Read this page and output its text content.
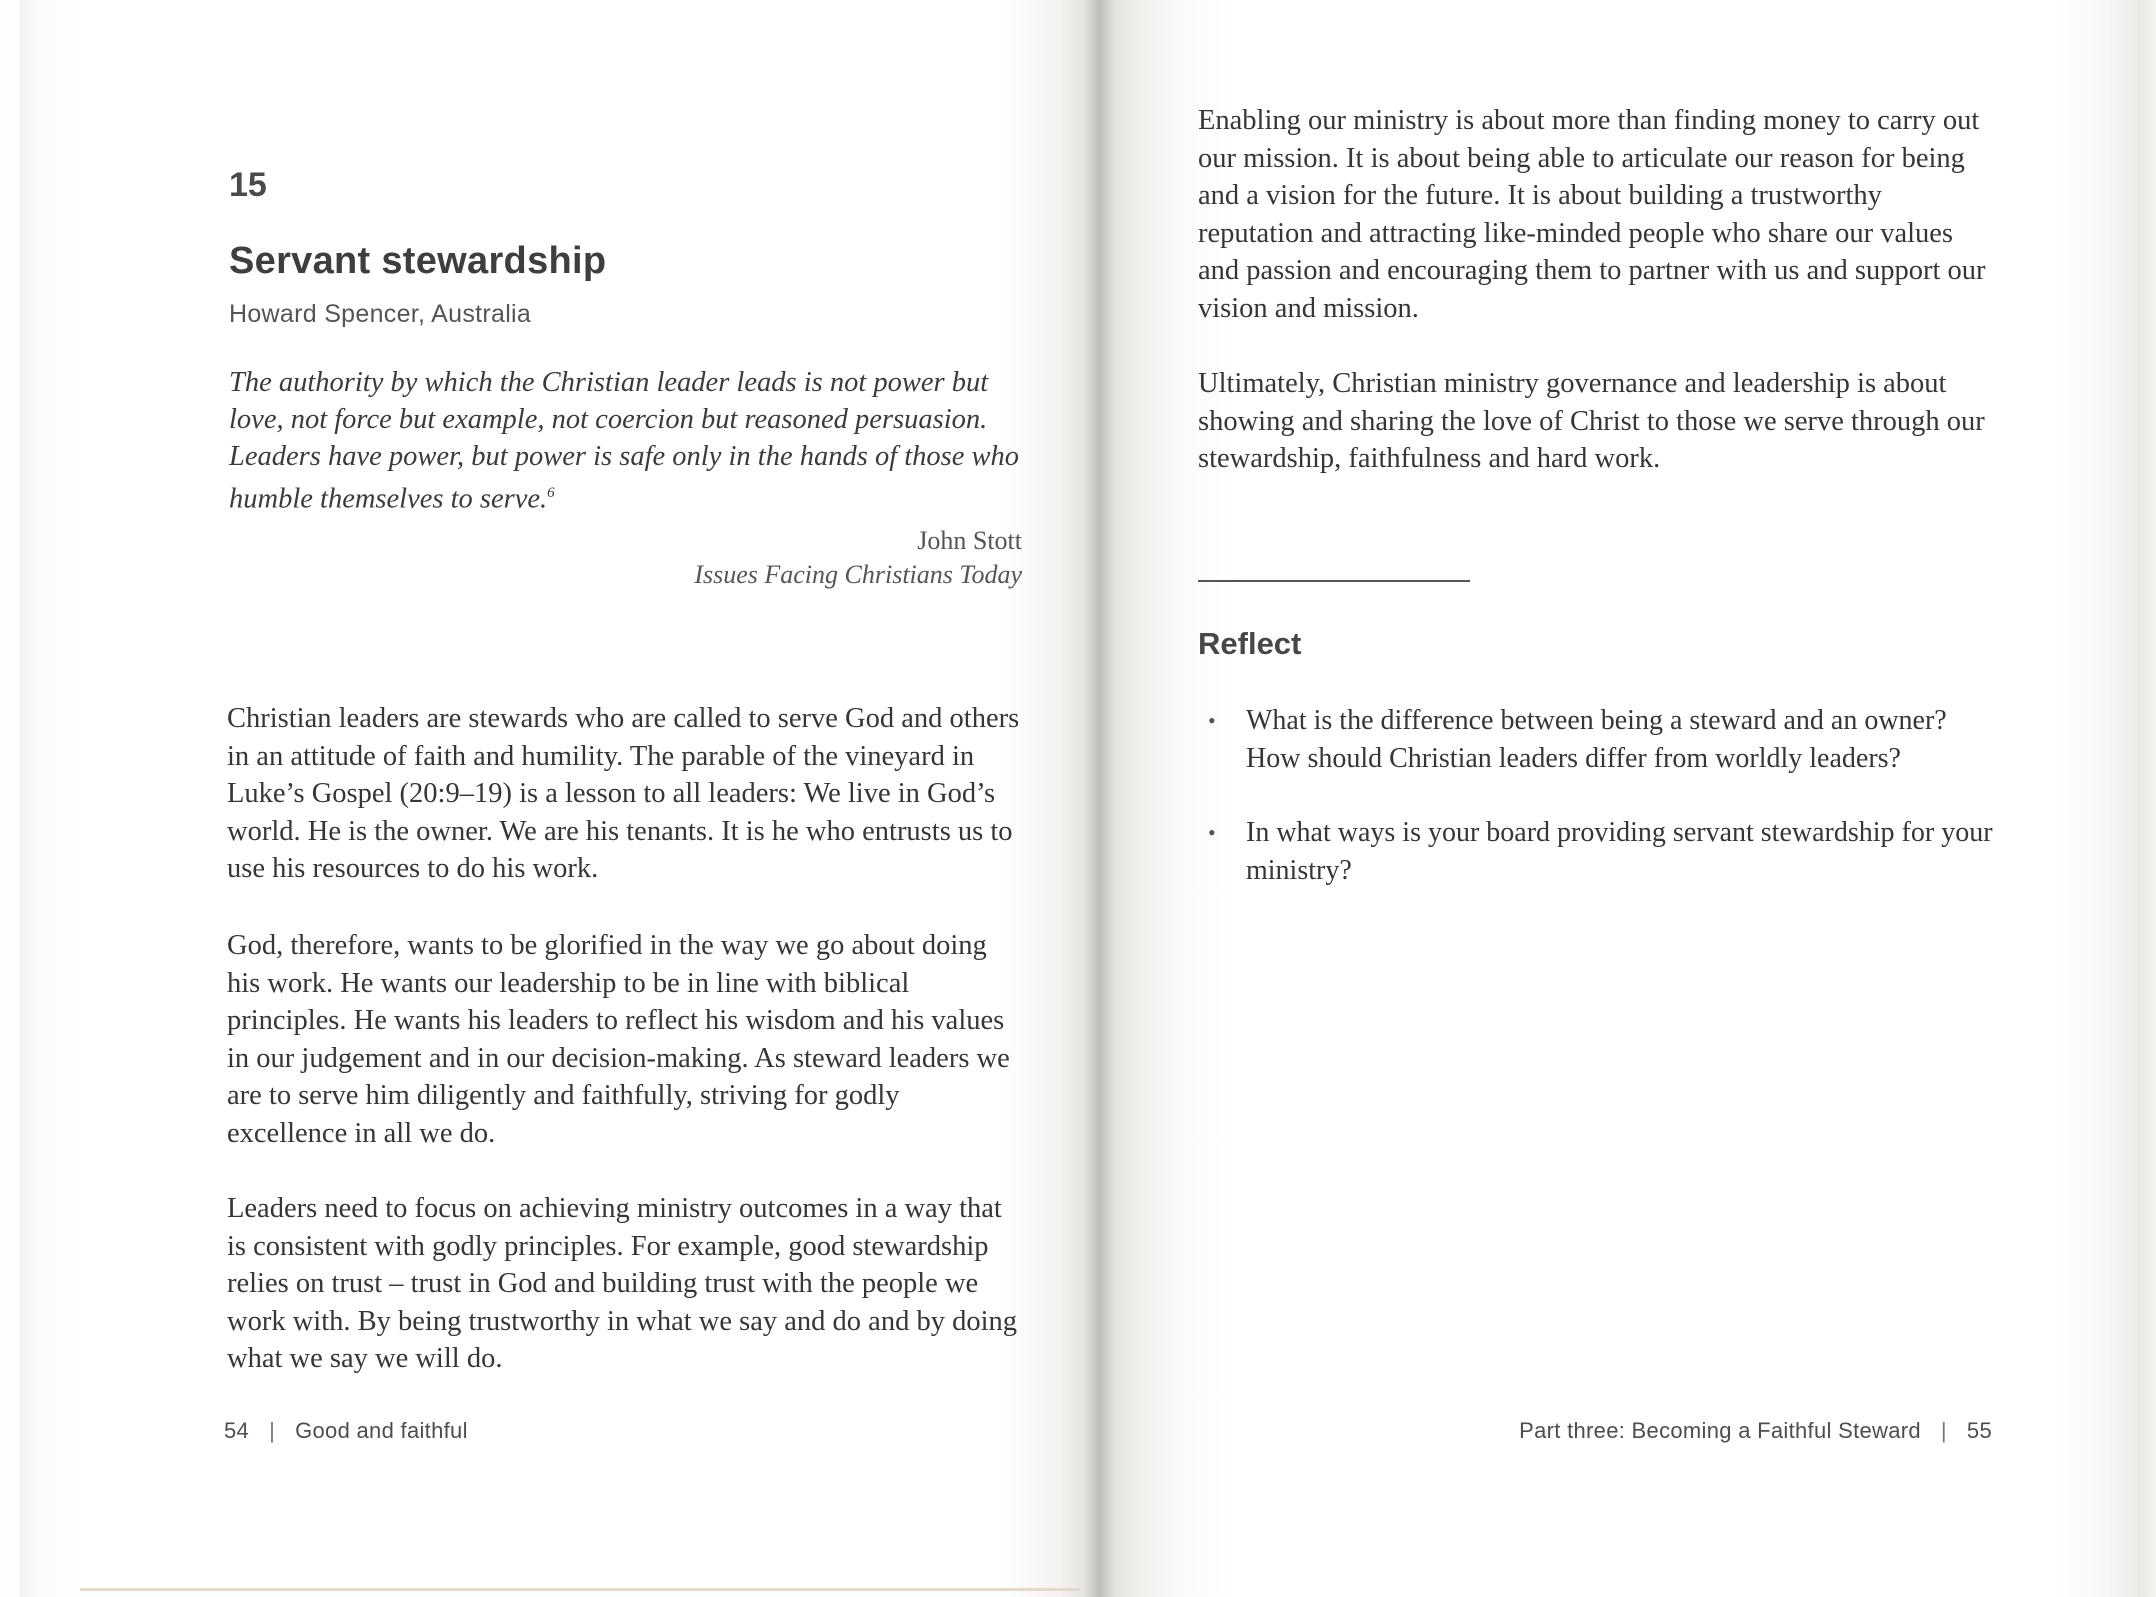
15
Servant stewardship
Howard Spencer, Australia
The authority by which the Christian leader leads is not power but love, not force but example, not coercion but reasoned persuasion. Leaders have power, but power is safe only in the hands of those who humble themselves to serve.$^6$
John Stott
Issues Facing Christians Today

Christian leaders are stewards who are called to serve God and others in an attitude of faith and humility. The parable of the vineyard in Luke’s Gospel (20:9–19) is a lesson to all leaders: We live in God’s world. He is the owner. We are his tenants. It is he who entrusts us to use his resources to do his work.

God, therefore, wants to be glorified in the way we go about doing his work. He wants our leadership to be in line with biblical principles. He wants his leaders to reflect his wisdom and his values in our judgement and in our decision-making. As steward leaders we are to serve him diligently and faithfully, striving for godly excellence in all we do.

Leaders need to focus on achieving ministry outcomes in a way that is consistent with godly principles. For example, good stewardship relies on trust – trust in God and building trust with the people we work with. By being trustworthy in what we say and do and by doing what we say we will do.

54 | Good and faithful

Enabling our ministry is about more than finding money to carry out our mission. It is about being able to articulate our reason for being and a vision for the future. It is about building a trustworthy reputation and attracting like-minded people who share our values and passion and encouraging them to partner with us and support our vision and mission.

Ultimately, Christian ministry governance and leadership is about showing and sharing the love of Christ to those we serve through our stewardship, faithfulness and hard work.

Reflect
• What is the difference between being a steward and an owner? How should Christian leaders differ from worldly leaders?
• In what ways is your board providing servant stewardship for your ministry?
Part three: Becoming a Faithful Steward | 55
